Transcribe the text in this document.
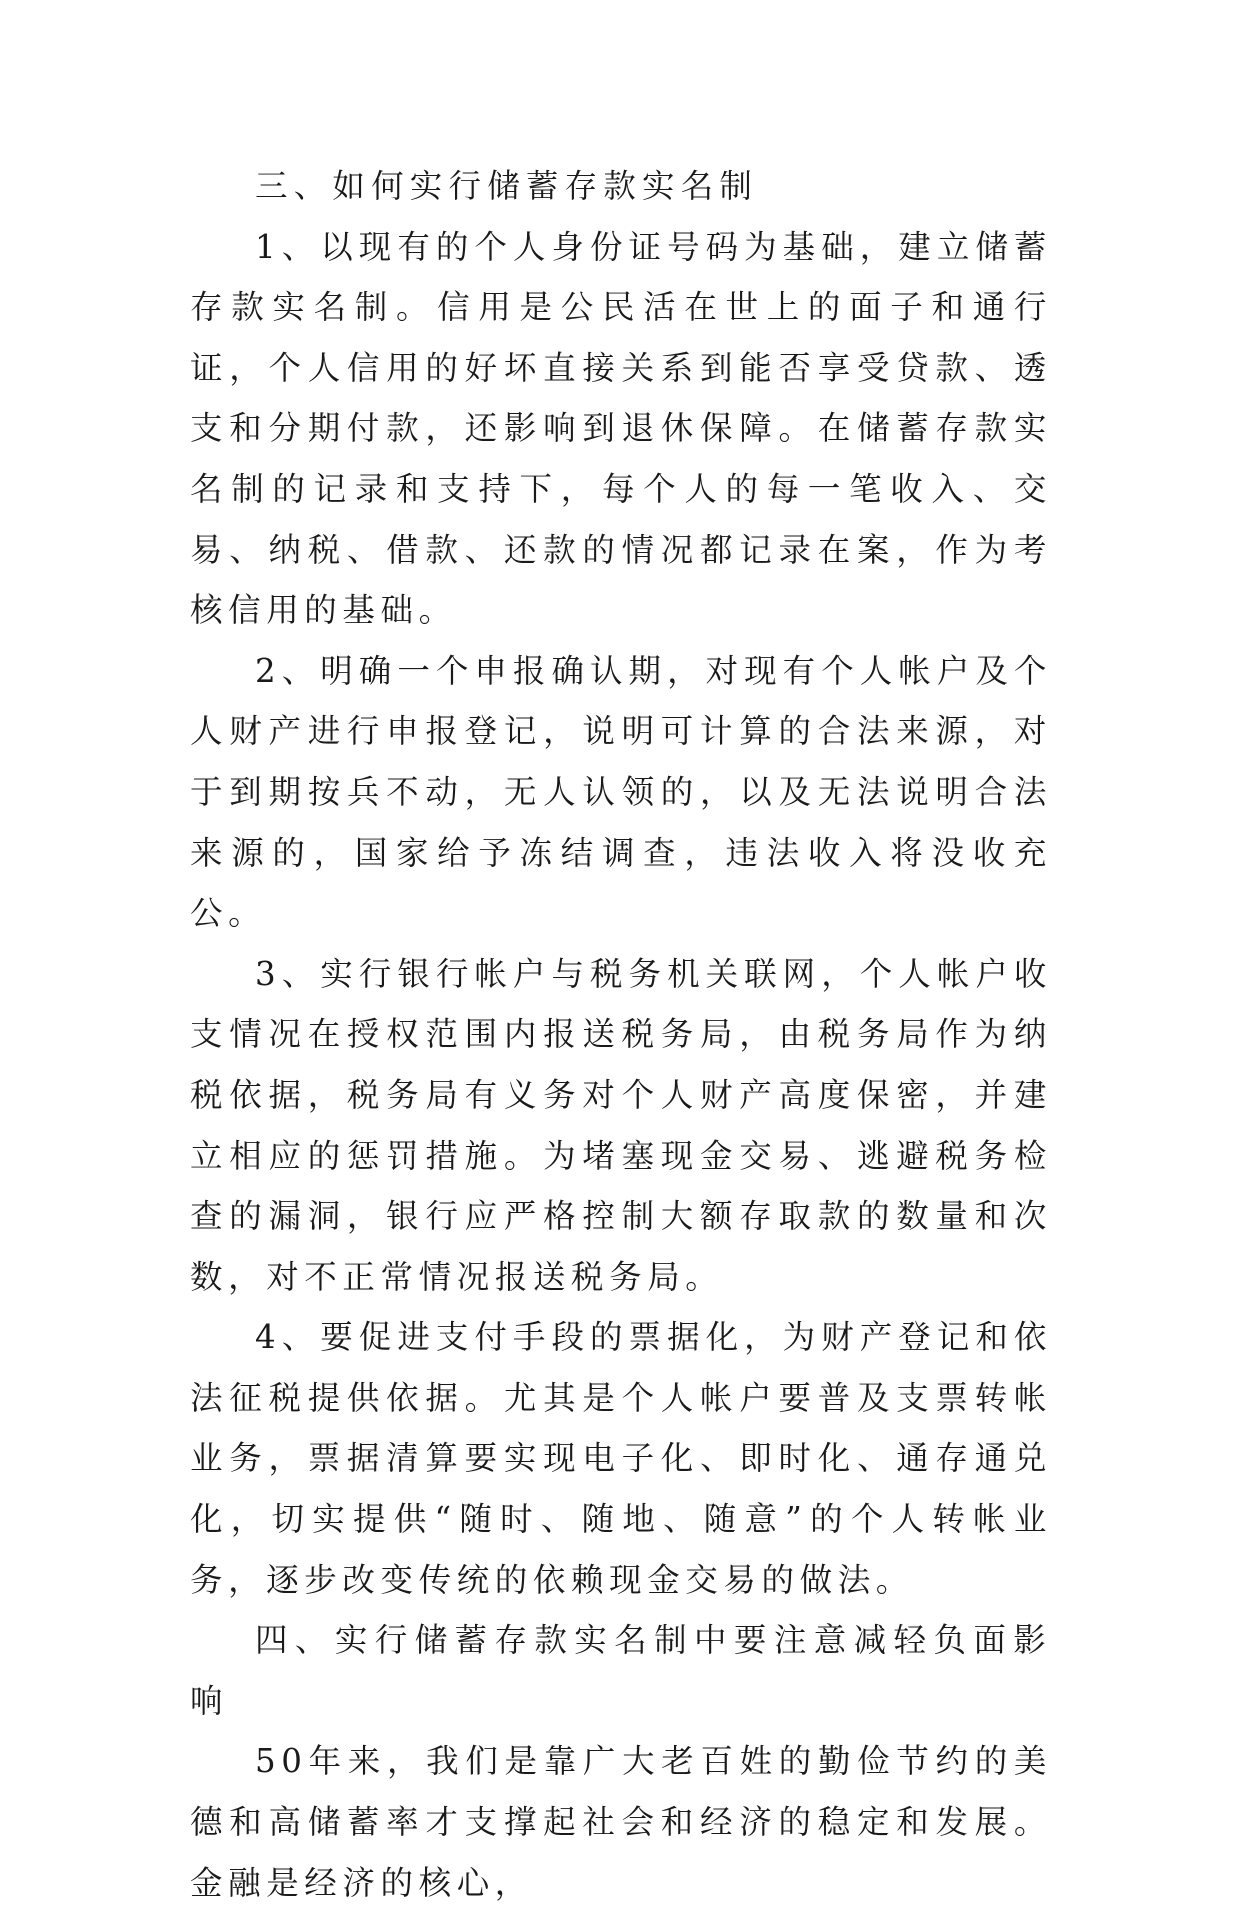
三、如何实行储蓄存款实名制

1、以现有的个人身份证号码为基础，建立储蓄存款实名制。信用是公民活在世上的面子和通行证，个人信用的好坏直接关系到能否享受贷款、透支和分期付款，还影响到退休保障。在储蓄存款实名制的记录和支持下，每个人的每一笔收入、交易、纳税、借款、还款的情况都记录在案，作为考核信用的基础。

2、明确一个申报确认期，对现有个人帐户及个人财产进行申报登记，说明可计算的合法来源，对于到期按兵不动，无人认领的，以及无法说明合法来源的，国家给予冻结调查，违法收入将没收充公。

3、实行银行帐户与税务机关联网，个人帐户收支情况在授权范围内报送税务局，由税务局作为纳税依据，税务局有义务对个人财产高度保密，并建立相应的惩罚措施。为堵塞现金交易、逃避税务检查的漏洞，银行应严格控制大额存取款的数量和次数，对不正常情况报送税务局。

4、要促进支付手段的票据化，为财产登记和依法征税提供依据。尤其是个人帐户要普及支票转帐业务，票据清算要实现电子化、即时化、通存通兑化，切实提供“随时、随地、随意”的个人转帐业务，逐步改变传统的依赖现金交易的做法。

四、实行储蓄存款实名制中要注意减轻负面影响

50年来，我们是靠广大老百姓的勤俭节约的美德和高储蓄率才支撑起社会和经济的稳定和发展。金融是经济的核心，
